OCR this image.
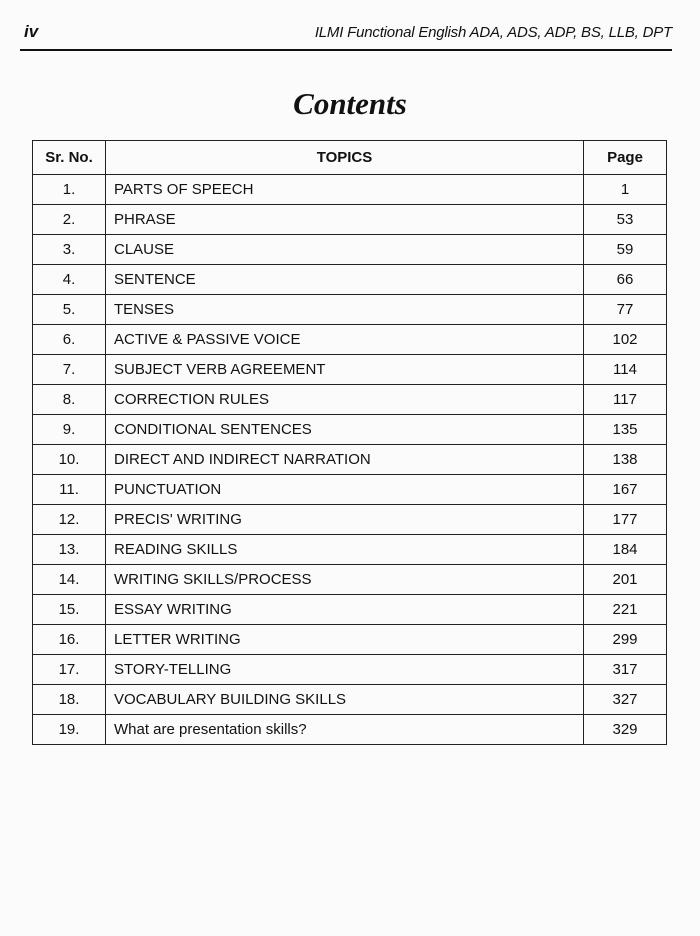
iv	ILMI Functional English ADA, ADS, ADP, BS, LLB, DPT
Contents
Sr. No.	TOPICS	Page
1.	PARTS OF SPEECH	1
2.	PHRASE	53
3.	CLAUSE	59
4.	SENTENCE	66
5.	TENSES	77
6.	ACTIVE & PASSIVE VOICE	102
7.	SUBJECT VERB AGREEMENT	114
8.	CORRECTION RULES	117
9.	CONDITIONAL SENTENCES	135
10.	DIRECT AND INDIRECT NARRATION	138
11.	PUNCTUATION	167
12.	PRECIS' WRITING	177
13.	READING SKILLS	184
14.	WRITING SKILLS/PROCESS	201
15.	ESSAY WRITING	221
16.	LETTER WRITING	299
17.	STORY-TELLING	317
18.	VOCABULARY BUILDING SKILLS	327
19.	What are presentation skills?	329
